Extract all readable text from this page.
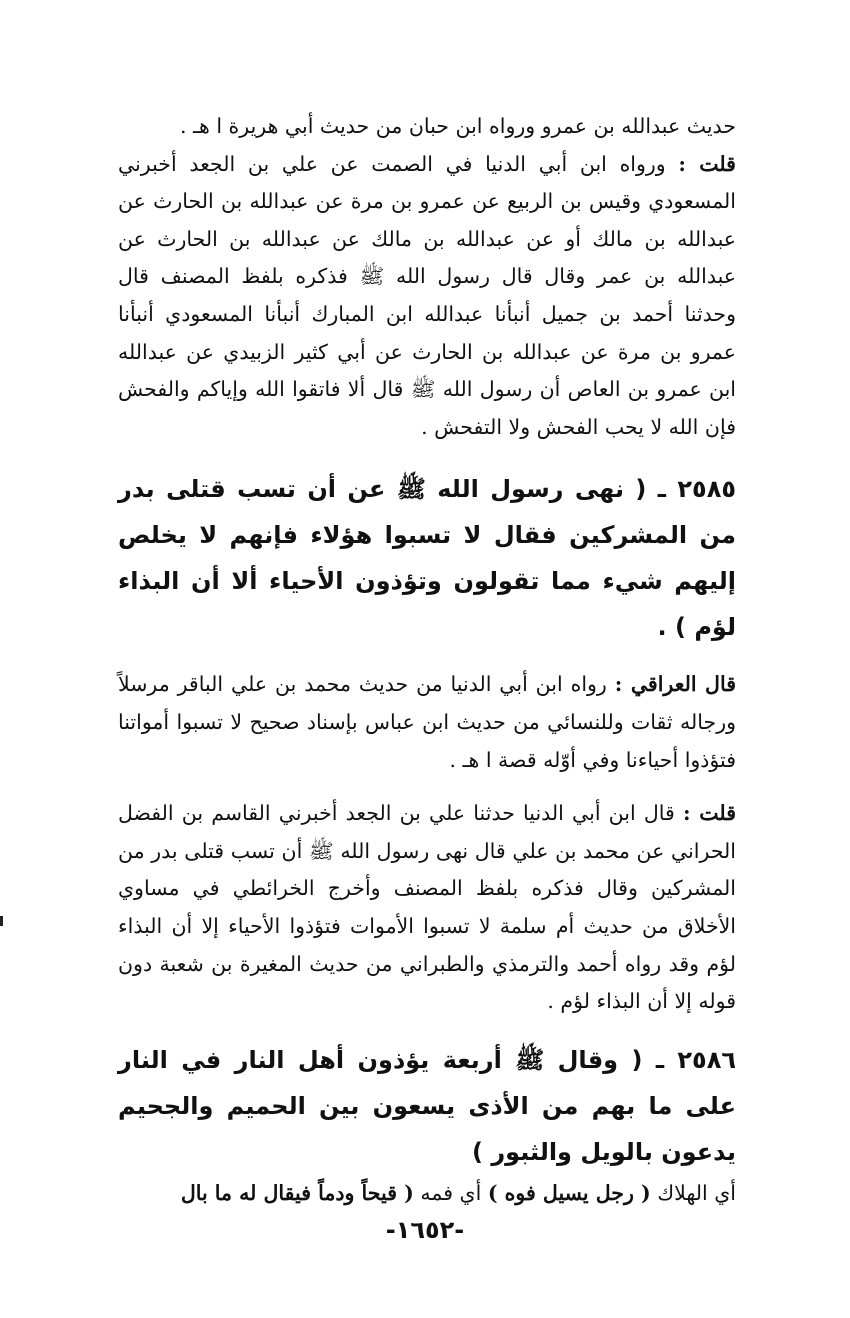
حديث عبدالله بن عمرو ورواه ابن حبان من حديث أبي هريرة ا هـ .

قلت : ورواه ابن أبي الدنيا في الصمت عن علي بن الجعد أخبرني المسعودي وقيس بن الربيع عن عمرو بن مرة عن عبدالله بن الحارث عن عبدالله بن مالك أو عن عبدالله بن مالك عن عبدالله بن الحارث عن عبدالله بن عمر وقال قال رسول الله ﷺ فذكره بلفظ المصنف قال وحدثنا أحمد بن جميل أنبأنا عبدالله ابن المبارك أنبأنا المسعودي أنبأنا عمرو بن مرة عن عبدالله بن الحارث عن أبي كثير الزبيدي عن عبدالله ابن عمرو بن العاص أن رسول الله ﷺ قال ألا فاتقوا الله وإياكم والفحش فإن الله لا يحب الفحش ولا التفحش .

٢٥٨٥ ـ ( نهى رسول الله ﷺ عن أن تسب قتلى بدر من المشركين فقال لا تسبوا هؤلاء فإنهم لا يخلص إليهم شيء مما تقولون وتؤذون الأحياء ألا أن البذاء لؤم ) .

قال العراقي : رواه ابن أبي الدنيا من حديث محمد بن علي الباقر مرسلاً ورجاله ثقات وللنسائي من حديث ابن عباس بإسناد صحيح لا تسبوا أمواتنا فتؤذوا أحياءنا وفي أوّله قصة ا هـ .

قلت : قال ابن أبي الدنيا حدثنا علي بن الجعد أخبرني القاسم بن الفضل الحراني عن محمد بن علي قال نهى رسول الله ﷺ أن تسب قتلى بدر من المشركين وقال فذكره بلفظ المصنف وأخرج الخرائطي في مساوي الأخلاق من حديث أم سلمة لا تسبوا الأموات فتؤذوا الأحياء إلا أن البذاء لؤم وقد رواه أحمد والترمذي والطبراني من حديث المغيرة بن شعبة دون قوله إلا أن البذاء لؤم .

٢٥٨٦ ـ ( وقال ﷺ أربعة يؤذون أهل النار في النار على ما بهم من الأذى يسعون بين الحميم والجحيم يدعون بالويل والثبور )

أي الهلاك ( رجل يسيل فوه ) أي فمه ( قيحاً ودماً فيقال له ما بال

-١٦٥٢-
